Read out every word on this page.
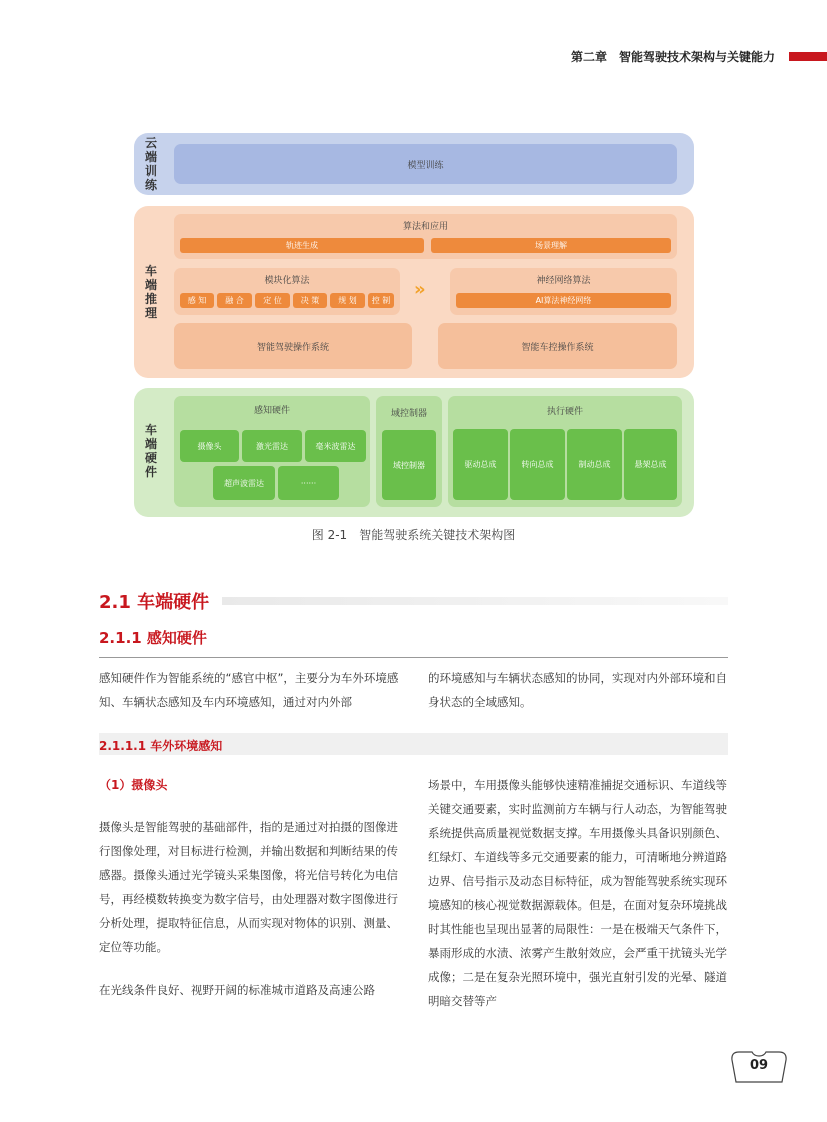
第二章　智能驾驶技术架构与关键能力
云端训练
模型训练
车端推理
算法和应用
轨迹生成	场景理解
模块化算法
感 知	融 合	定 位	决 策	规 划	控 制
»	神经网络算法
AI算法神经网络
智能驾驶操作系统	智能车控操作系统
车端硬件
感知硬件
摄像头	激光雷达	毫米波雷达
超声波雷达	······
域控制器
域控制器
执行硬件
驱动总成	转向总成	制动总成	悬架总成
图 2-1　智能驾驶系统关键技术架构图
2.1 车端硬件
2.1.1 感知硬件
感知硬件作为智能系统的“感官中枢”，主要分为车外环境感知、车辆状态感知及车内环境感知，通过对内外部
的环境感知与车辆状态感知的协同，实现对内外部环境和自身状态的全域感知。
2.1.1.1 车外环境感知
（1）摄像头
摄像头是智能驾驶的基础部件，指的是通过对拍摄的图像进行图像处理，对目标进行检测，并输出数据和判断结果的传感器。摄像头通过光学镜头采集图像，将光信号转化为电信号，再经模数转换变为数字信号，由处理器对数字图像进行分析处理，提取特征信息，从而实现对物体的识别、测量、定位等功能。
在光线条件良好、视野开阔的标准城市道路及高速公路
场景中，车用摄像头能够快速精准捕捉交通标识、车道线等关键交通要素，实时监测前方车辆与行人动态，为智能驾驶系统提供高质量视觉数据支撑。车用摄像头具备识别颜色、红绿灯、车道线等多元交通要素的能力，可清晰地分辨道路边界、信号指示及动态目标特征，成为智能驾驶系统实现环境感知的核心视觉数据源载体。但是，在面对复杂环境挑战时其性能也呈现出显著的局限性：一是在极端天气条件下，暴雨形成的水渍、浓雾产生散射效应，会严重干扰镜头光学成像；二是在复杂光照环境中，强光直射引发的光晕、隧道明暗交替等产
09
